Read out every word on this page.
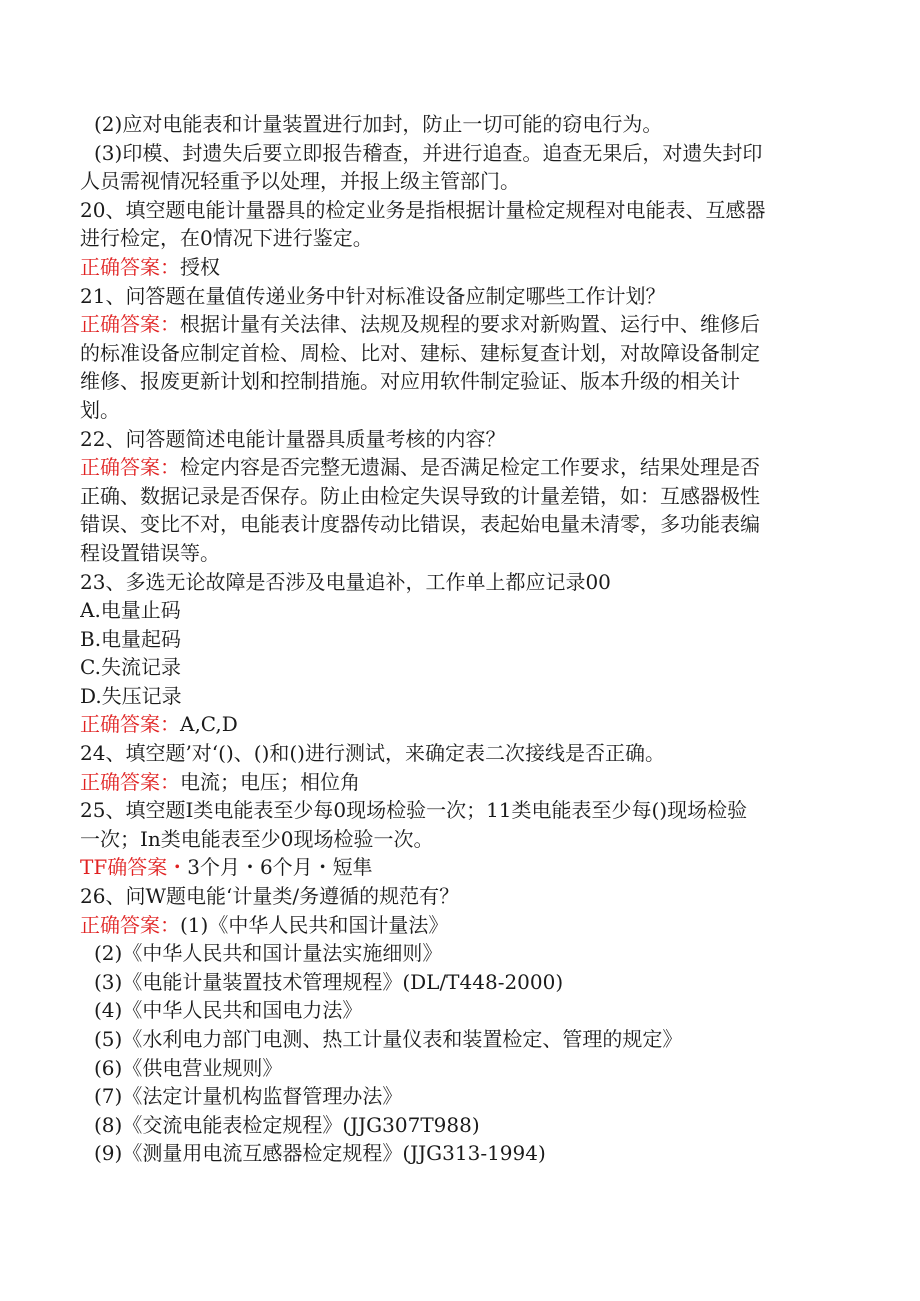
(2)应对电能表和计量装置进行加封，防止一切可能的窃电行为。
(3)印模、封遗失后要立即报告稽查，并进行追查。追查无果后，对遗失封印
人员需视情况轻重予以处理，并报上级主管部门。
20、填空题电能计量器具的检定业务是指根据计量检定规程对电能表、互感器
进行检定，在0情况下进行鉴定。
正确答案：授权
21、问答题在量值传递业务中针对标准设备应制定哪些工作计划？
正确答案：根据计量有关法律、法规及规程的要求对新购置、运行中、维修后
的标准设备应制定首检、周检、比对、建标、建标复查计划，对故障设备制定
维修、报废更新计划和控制措施。对应用软件制定验证、版本升级的相关计
划。
22、问答题简述电能计量器具质量考核的内容？
正确答案：检定内容是否完整无遗漏、是否满足检定工作要求，结果处理是否
正确、数据记录是否保存。防止由检定失误导致的计量差错，如：互感器极性
错误、变比不对，电能表计度器传动比错误，表起始电量未清零，多功能表编
程设置错误等。
23、多选无论故障是否涉及电量追补，工作单上都应记录00
A.电量止码
B.电量起码
C.失流记录
D.失压记录
正确答案：A,C,D
24、填空题’对‘()、()和()进行测试，来确定表二次接线是否正确。
正确答案：电流；电压；相位角
25、填空题I类电能表至少每0现场检验一次；11类电能表至少每()现场检验
一次；In类电能表至少0现场检验一次。
TF确答案・3个月・6个月・短隼
26、问W题电能‘计量类/务遵循的规范有？
正确答案：(1)《中华人民共和国计量法》
(2)《中华人民共和国计量法实施细则》
(3)《电能计量装置技术管理规程》(DL/T448-2000)
(4)《中华人民共和国电力法》
(5)《水利电力部门电测、热工计量仪表和装置检定、管理的规定》
(6)《供电营业规则》
(7)《法定计量机构监督管理办法》
(8)《交流电能表检定规程》(JJG307T988)
(9)《测量用电流互感器检定规程》(JJG313-1994)
